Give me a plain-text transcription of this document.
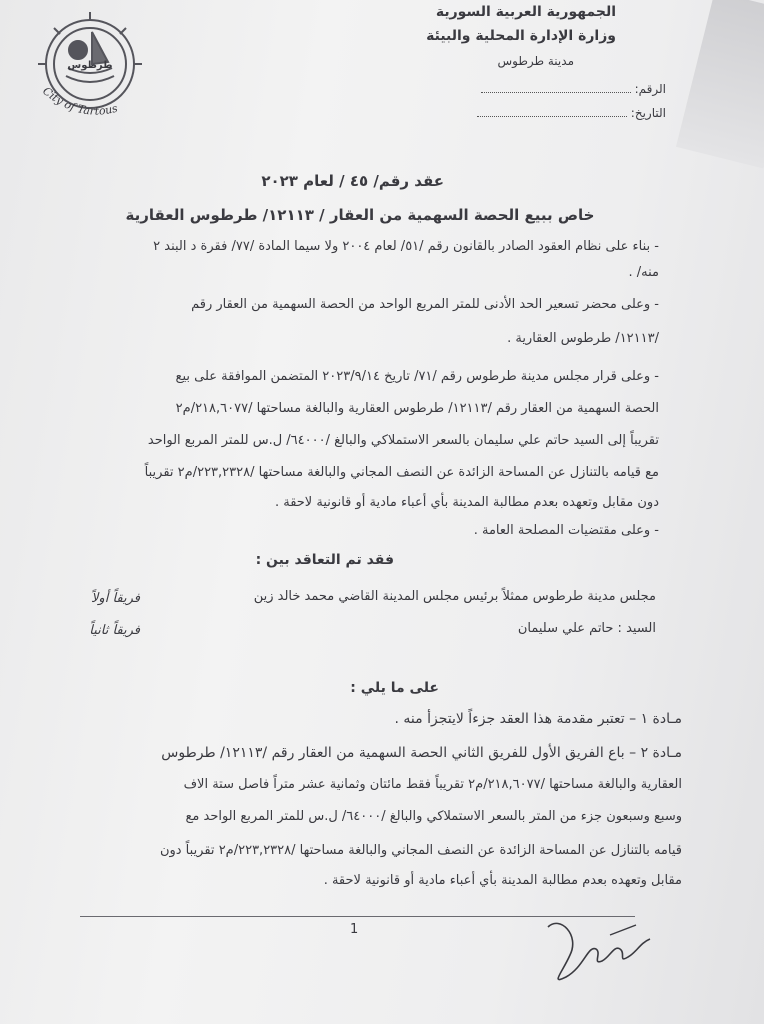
طرطوس
City of Tartous
الجمهورية العربية السورية
وزارة الإدارة المحلية والبيئة
مدينة طرطوس
الرقم:
التاريخ:
عقد رقم/ ٤٥ / لعام ٢٠٢٣
خاص ببيع الحصة السهمية من العقار / ١٢١١٣/ طرطوس العقارية
- بناء على نظام العقود الصادر بالقانون رقم /٥١/ لعام ٢٠٠٤ ولا سيما المادة /٧٧/ فقرة د البند ٢
منه/ .
- وعلى محضر تسعير الحد الأدنى للمتر المربع الواحد من الحصة السهمية من العقار رقم
/١٢١١٣/ طرطوس العقارية .
- وعلى قرار مجلس مدينة طرطوس رقم /٧١/ تاريخ ٢٠٢٣/٩/١٤ المتضمن الموافقة على بيع
الحصة السهمية من العقار رقم /١٢١١٣/ طرطوس العقارية والبالغة مساحتها /٢١٨,٦٠٧٧/م٢
تقريباً إلى السيد حاتم علي سليمان بالسعر الاستملاكي والبالغ /٦٤٠٠٠/ ل.س للمتر المربع الواحد
مع قيامه بالتنازل عن المساحة الزائدة عن النصف المجاني والبالغة مساحتها /٢٢٣,٢٣٢٨/م٢ تقريباً
دون مقابل وتعهده بعدم مطالبة المدينة بأي أعباء مادية أو قانونية لاحقة .
- وعلى مقتضيات المصلحة العامة .
فقد تم التعاقد بين :
مجلس مدينة طرطوس ممثلاً برئيس مجلس المدينة القاضي محمد خالد زين
فريقاً أولاً
السيد : حاتم علي سليمان
فريقاً ثانياً
على ما يلي :
مـادة ١ – تعتبر مقدمة هذا العقد جزءاً لايتجزأ منه .
مـادة ٢ – باع الفريق الأول للفريق الثاني الحصة السهمية من العقار رقم /١٢١١٣/ طرطوس
العقارية والبالغة مساحتها /٢١٨,٦٠٧٧/م٢ تقريباً فقط مائتان وثمانية عشر متراً فاصل ستة الاف
وسبع وسبعون جزء من المتر بالسعر الاستملاكي والبالغ /٦٤٠٠٠/ ل.س للمتر المربع الواحد مع
قيامه بالتنازل عن المساحة الزائدة عن النصف المجاني والبالغة مساحتها /٢٢٣,٢٣٢٨/م٢ تقريباً دون
مقابل وتعهده بعدم مطالبة المدينة بأي أعباء مادية أو قانونية لاحقة .
1
